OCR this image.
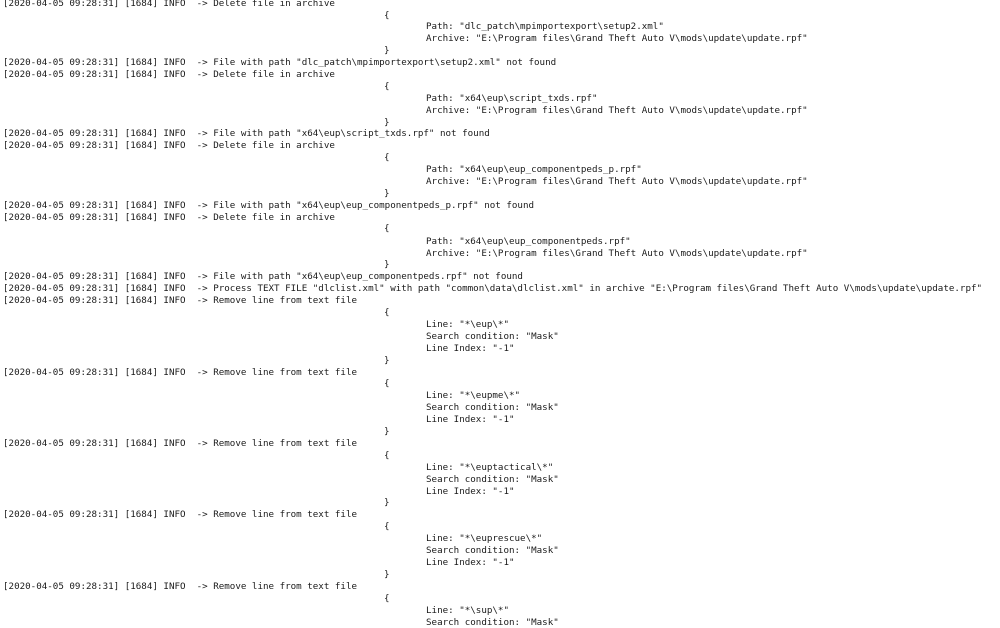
[2020-04-05 09:28:31] [1684] INFO  -> Delete file in archive
{
Path: "dlc_patch\mpimportexport\setup2.xml"
Archive: "E:\Program files\Grand Theft Auto V\mods\update\update.rpf"
}
[2020-04-05 09:28:31] [1684] INFO  -> File with path "dlc_patch\mpimportexport\setup2.xml" not found
[2020-04-05 09:28:31] [1684] INFO  -> Delete file in archive
{
Path: "x64\eup\script_txds.rpf"
Archive: "E:\Program files\Grand Theft Auto V\mods\update\update.rpf"
}
[2020-04-05 09:28:31] [1684] INFO  -> File with path "x64\eup\script_txds.rpf" not found
[2020-04-05 09:28:31] [1684] INFO  -> Delete file in archive
{
Path: "x64\eup\eup_componentpeds_p.rpf"
Archive: "E:\Program files\Grand Theft Auto V\mods\update\update.rpf"
}
[2020-04-05 09:28:31] [1684] INFO  -> File with path "x64\eup\eup_componentpeds_p.rpf" not found
[2020-04-05 09:28:31] [1684] INFO  -> Delete file in archive
{
Path: "x64\eup\eup_componentpeds.rpf"
Archive: "E:\Program files\Grand Theft Auto V\mods\update\update.rpf"
}
[2020-04-05 09:28:31] [1684] INFO  -> File with path "x64\eup\eup_componentpeds.rpf" not found
[2020-04-05 09:28:31] [1684] INFO  -> Process TEXT FILE "dlclist.xml" with path "common\data\dlclist.xml" in archive "E:\Program files\Grand Theft Auto V\mods\update\update.rpf"
[2020-04-05 09:28:31] [1684] INFO  -> Remove line from text file
{
Line: "*\eup\*"
Search condition: "Mask"
Line Index: "-1"
}
[2020-04-05 09:28:31] [1684] INFO  -> Remove line from text file
{
Line: "*\eupme\*"
Search condition: "Mask"
Line Index: "-1"
}
[2020-04-05 09:28:31] [1684] INFO  -> Remove line from text file
{
Line: "*\euptactical\*"
Search condition: "Mask"
Line Index: "-1"
}
[2020-04-05 09:28:31] [1684] INFO  -> Remove line from text file
{
Line: "*\euprescue\*"
Search condition: "Mask"
Line Index: "-1"
}
[2020-04-05 09:28:31] [1684] INFO  -> Remove line from text file
{
Line: "*\sup\*"
Search condition: "Mask"
